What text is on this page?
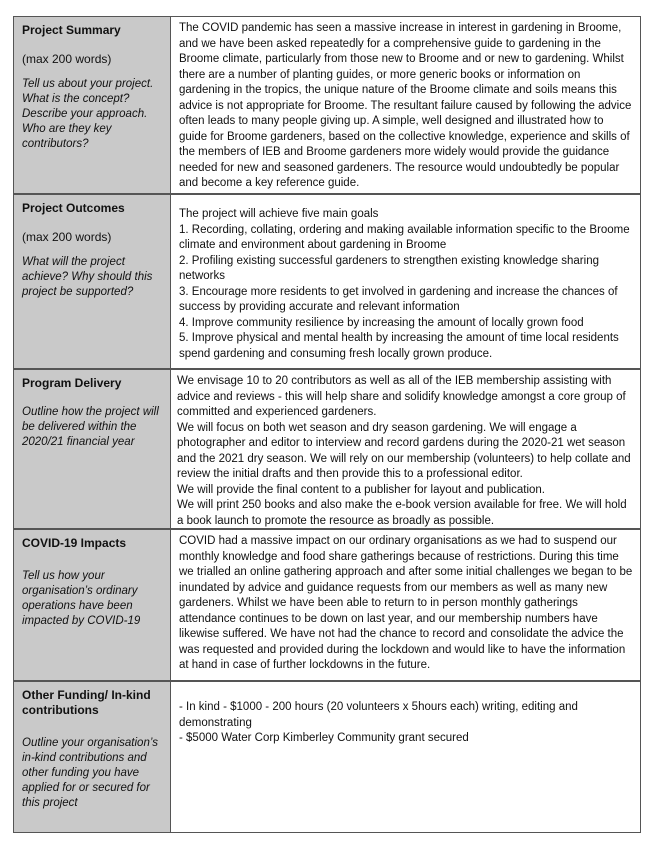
Project Summary

(max 200 words)

Tell us about your project. What is the concept? Describe your approach. Who are they key contributors?

The COVID pandemic has seen a massive increase in interest in gardening in Broome, and we have been asked repeatedly for a comprehensive guide to gardening in the Broome climate, particularly from those new to Broome and or new to gardening. Whilst there are a number of planting guides, or more generic books or information on gardening in the tropics, the unique nature of the Broome climate and soils means this advice is not appropriate for Broome. The resultant failure caused by following the advice often leads to many people giving up. A simple, well designed and illustrated how to guide for Broome gardeners, based on the collective knowledge, experience and skills of the members of IEB and Broome gardeners more widely would provide the guidance needed for new and seasoned gardeners. The resource would undoubtedly be popular and become a key reference guide.

Project Outcomes

(max 200 words)

What will the project achieve? Why should this project be supported?

The project will achieve five main goals
1. Recording, collating, ordering and making available information specific to the Broome climate and environment about gardening in Broome
2. Profiling existing successful gardeners to strengthen existing knowledge sharing networks
3. Encourage more residents to get involved in gardening and increase the chances of success by providing accurate and relevant information
4. Improve community resilience by increasing the amount of locally grown food
5. Improve physical and mental health by increasing the amount of time local residents spend gardening and consuming fresh locally grown produce.

Program Delivery

Outline how the project will be delivered within the 2020/21 financial year

We envisage 10 to 20 contributors as well as all of the IEB membership assisting with advice and reviews - this will help share and solidify knowledge amongst a core group of committed and experienced gardeners.
We will focus on both wet season and dry season gardening. We will engage a photographer and editor to interview and record gardens during the 2020-21 wet season and the 2021 dry season. We will rely on our membership (volunteers) to help collate and review the initial drafts and then provide this to a professional editor.
We will provide the final content to a publisher for layout and publication.
We will print 250 books and also make the e-book version available for free. We will hold a book launch to promote the resource as broadly as possible.

COVID-19 Impacts

Tell us how your organisation’s ordinary operations have been impacted by COVID-19

COVID had a massive impact on our ordinary organisations as we had to suspend our monthly knowledge and food share gatherings because of restrictions. During this time we trialled an online gathering approach and after some initial challenges we began to be inundated by advice and guidance requests from our members as well as many new gardeners. Whilst we have been able to return to in person monthly gatherings attendance continues to be down on last year, and our membership numbers have likewise suffered. We have not had the chance to record and consolidate the advice the was requested and provided during the lockdown and would like to have the information at hand in case of further lockdowns in the future.

Other Funding/ In-kind contributions

Outline your organisation’s in-kind contributions and other funding you have applied for or secured for this project

- In kind - $1000 - 200 hours (20 volunteers x 5hours each) writing, editing and demonstrating
- $5000 Water Corp Kimberley Community grant secured
